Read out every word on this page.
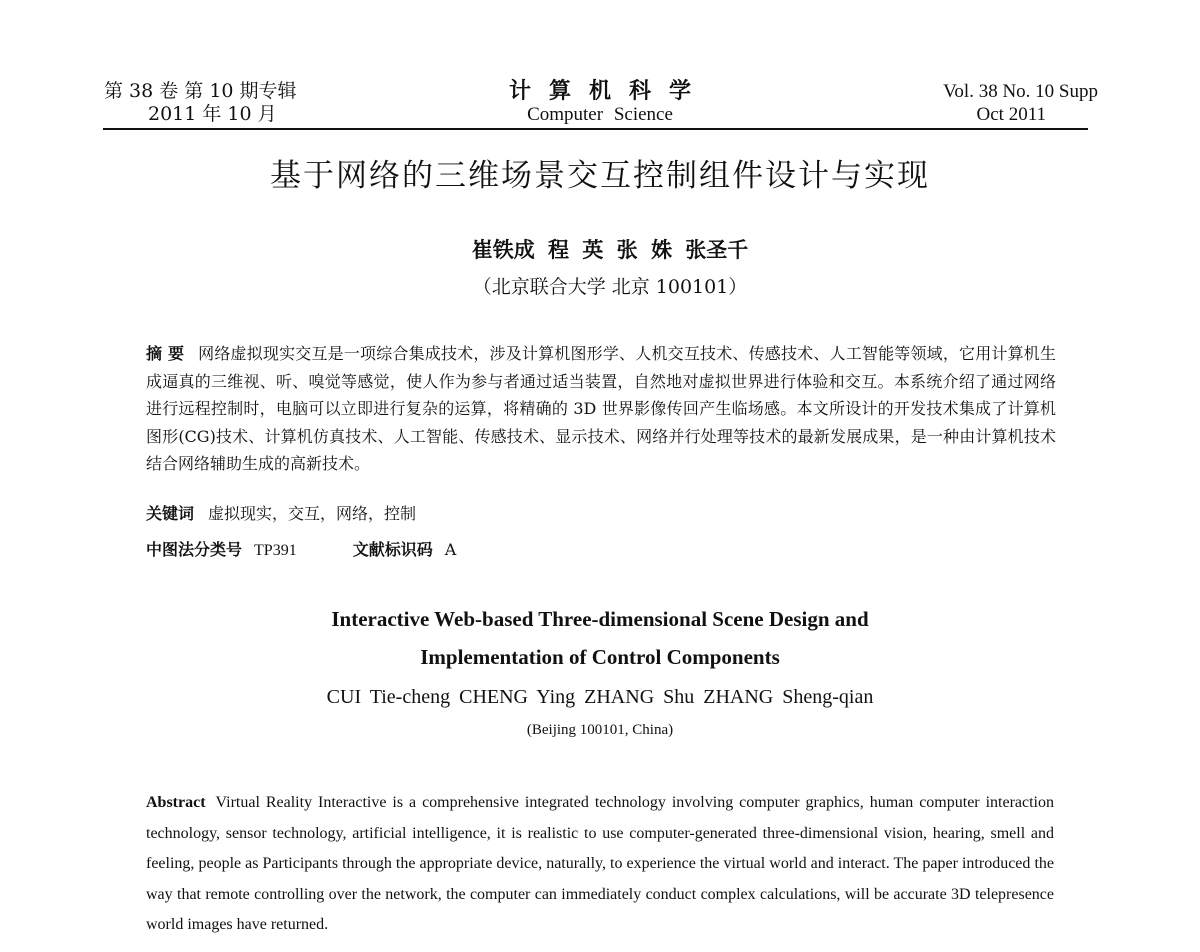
第 38 卷 第 10 期专辑
2011 年 10 月
计算机科学
Computer Science
Vol. 38 No. 10 Supp
Oct 2011
基于网络的三维场景交互控制组件设计与实现
崔铁成 程 英 张 姝 张圣千
（北京联合大学 北京 100101）
摘 要 网络虚拟现实交互是一项综合集成技术，涉及计算机图形学、人机交互技术、传感技术、人工智能等领域，它用计算机生成逼真的三维视、听、嗅觉等感觉，使人作为参与者通过适当装置，自然地对虚拟世界进行体验和交互。本系统介绍了通过网络进行远程控制时，电脑可以立即进行复杂的运算，将精确的 3D 世界影像传回产生临场感。本文所设计的开发技术集成了计算机图形(CG)技术、计算机仿真技术、人工智能、传感技术、显示技术、网络并行处理等技术的最新发展成果，是一种由计算机技术结合网络辅助生成的高新技术。
关键词 虚拟现实，交互，网络，控制
中图法分类号 TP391	文献标识码 A
Interactive Web-based Three-dimensional Scene Design and
Implementation of Control Components
CUI Tie-cheng CHENG Ying ZHANG Shu ZHANG Sheng-qian
(Beijing 100101, China)
Abstract Virtual Reality Interactive is a comprehensive integrated technology involving computer graphics, human computer interaction technology, sensor technology, artificial intelligence, it is realistic to use computer-generated three-dimensional vision, hearing, smell and feeling, people as Participants through the appropriate device, naturally, to experience the virtual world and interact. The paper introduced the way that remote controlling over the network, the computer can immediately conduct complex calculations, will be accurate 3D telepresence world images have returned.
